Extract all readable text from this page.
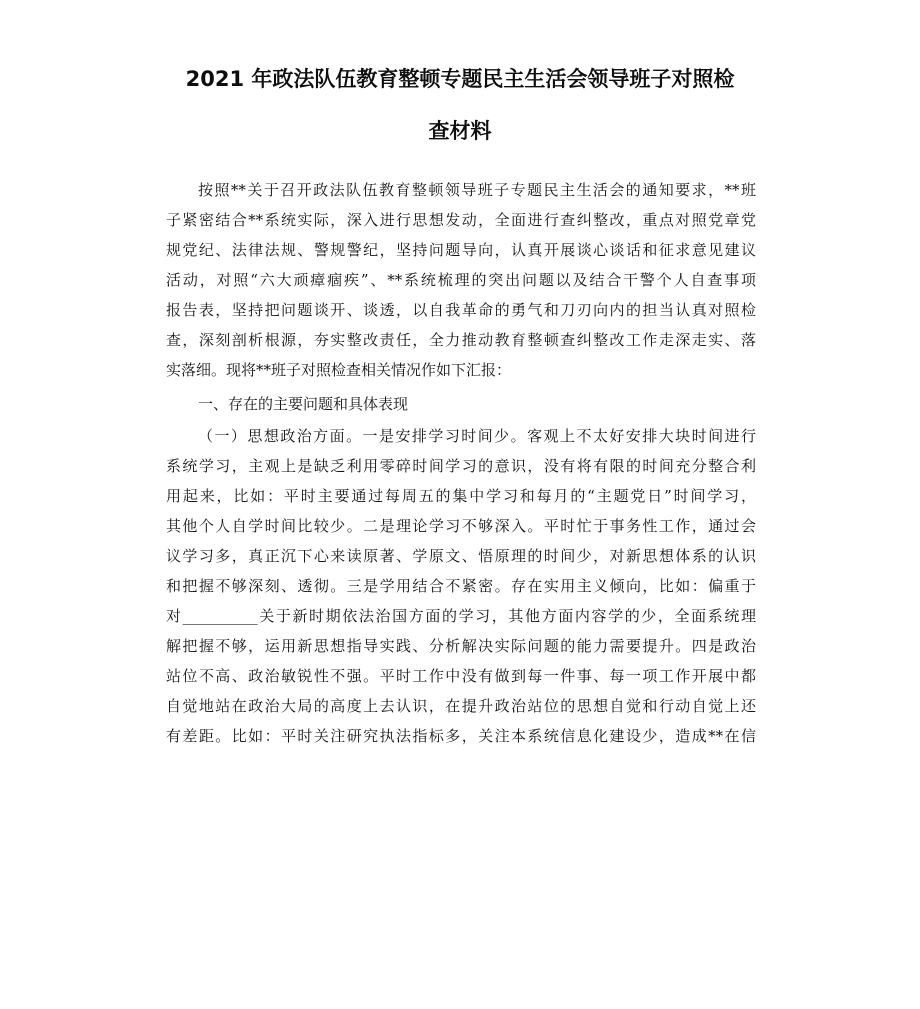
2021 年政法队伍教育整顿专题民主生活会领导班子对照检
查材料
按照**关于召开政法队伍教育整顿领导班子专题民主生活会的通知要求，**班
子紧密结合**系统实际，深入进行思想发动，全面进行查纠整改，重点对照党章党
规党纪、法律法规、警规警纪，坚持问题导向，认真开展谈心谈话和征求意见建议
活动，对照“六大顽瘴痼疾”、**系统梳理的突出问题以及结合干警个人自查事项
报告表，坚持把问题谈开、谈透，以自我革命的勇气和刀刃向内的担当认真对照检
查，深刻剖析根源，夯实整改责任，全力推动教育整顿查纠整改工作走深走实、落
实落细。现将**班子对照检查相关情况作如下汇报：
一、存在的主要问题和具体表现
（一）思想政治方面。一是安排学习时间少。客观上不太好安排大块时间进行
系统学习，主观上是缺乏利用零碎时间学习的意识，没有将有限的时间充分整合利
用起来，比如：平时主要通过每周五的集中学习和每月的“主题党日”时间学习，
其他个人自学时间比较少。二是理论学习不够深入。平时忙于事务性工作，通过会
议学习多，真正沉下心来读原著、学原文、悟原理的时间少，对新思想体系的认识
和把握不够深刻、透彻。三是学用结合不紧密。存在实用主义倾向，比如：偏重于
对__________关于新时期依法治国方面的学习，其他方面内容学的少，全面系统理
解把握不够，运用新思想指导实践、分析解决实际问题的能力需要提升。四是政治
站位不高、政治敏锐性不强。平时工作中没有做到每一件事、每一项工作开展中都
自觉地站在政治大局的高度上去认识，在提升政治站位的思想自觉和行动自觉上还
有差距。比如：平时关注研究执法指标多，关注本系统信息化建设少，造成**在信
